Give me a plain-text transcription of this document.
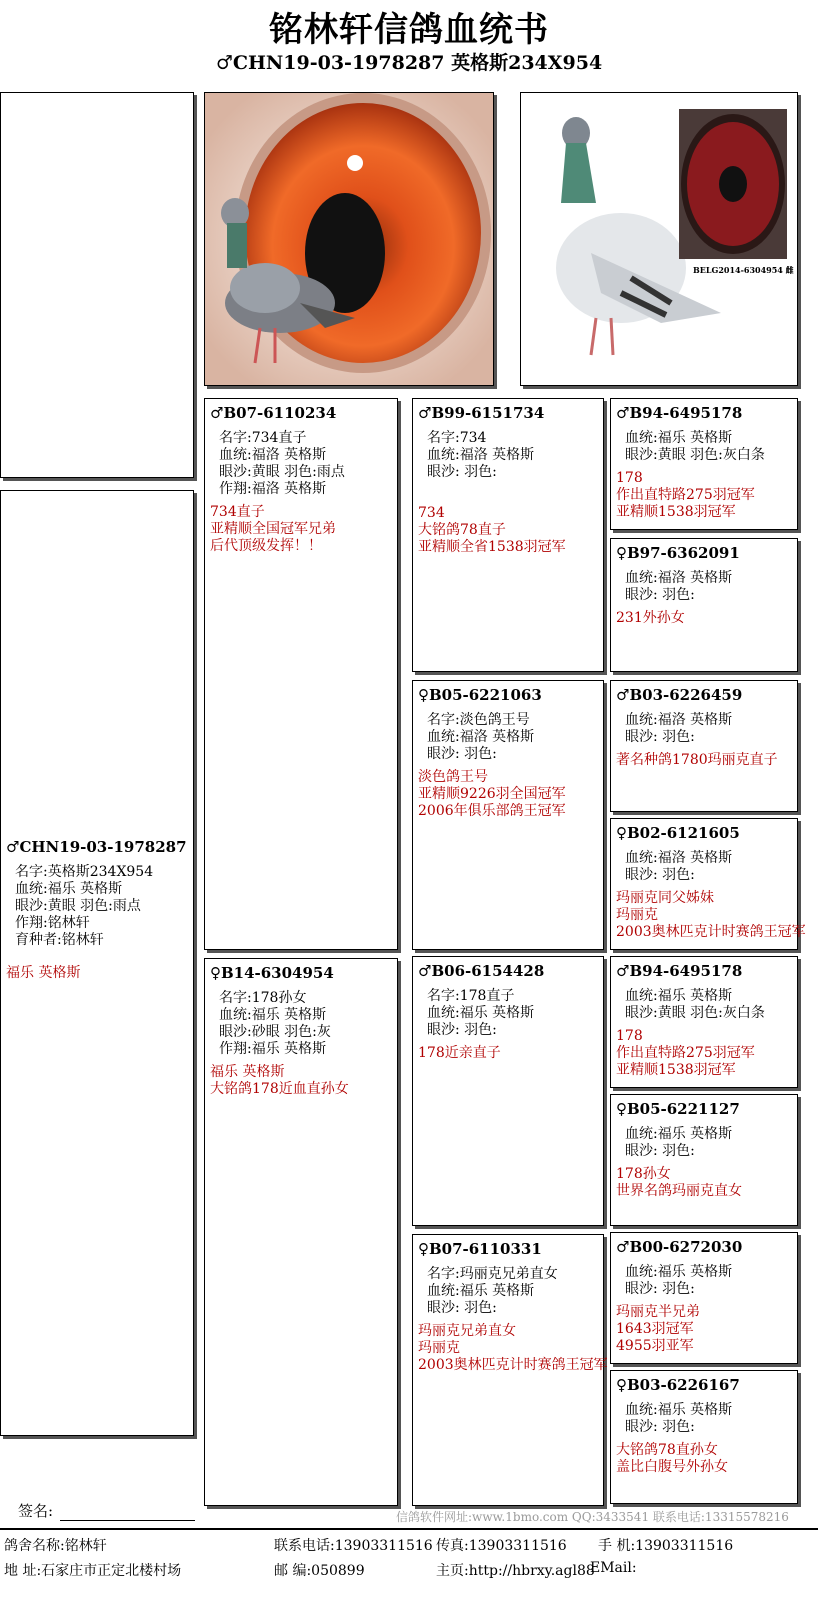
铭林轩信鸽血统书
♂CHN19-03-1978287 英格斯234X954
BELG2014-6304954 雌
♂CHN19-03-1978287
名字:英格斯234X954
血统:福乐 英格斯
眼沙:黄眼 羽色:雨点
作翔:铭林轩
育种者:铭林轩
福乐 英格斯
♂B07-6110234
名字:734直子
血统:福洛 英格斯
眼沙:黄眼 羽色:雨点
作翔:福洛 英格斯
734直子
亚精顺全国冠军兄弟
后代顶级发挥！！
♀B14-6304954
名字:178孙女
血统:福乐 英格斯
眼沙:砂眼 羽色:灰
作翔:福乐 英格斯
福乐 英格斯
大铭鸽178近血直孙女
♂B99-6151734
名字:734
血统:福洛 英格斯
眼沙: 羽色:
734
大铭鸽78直子
亚精顺全省1538羽冠军
♀B05-6221063
名字:淡色鸽王号
血统:福洛 英格斯
眼沙: 羽色:
淡色鸽王号
亚精顺9226羽全国冠军
2006年俱乐部鸽王冠军
♂B06-6154428
名字:178直子
血统:福乐 英格斯
眼沙: 羽色:
178近亲直子
♀B07-6110331
名字:玛丽克兄弟直女
血统:福乐 英格斯
眼沙: 羽色:
玛丽克兄弟直女
玛丽克
2003奥林匹克计时赛鸽王冠军
♂B94-6495178
血统:福乐 英格斯
眼沙:黄眼 羽色:灰白条
178
作出直特路275羽冠军
亚精顺1538羽冠军
♀B97-6362091
血统:福洛 英格斯
眼沙: 羽色:
231外孙女
♂B03-6226459
血统:福洛 英格斯
眼沙: 羽色:
著名种鸽1780玛丽克直子
♀B02-6121605
血统:福洛 英格斯
眼沙: 羽色:
玛丽克同父姊妹
玛丽克
2003奥林匹克计时赛鸽王冠军
♂B94-6495178
血统:福乐 英格斯
眼沙:黄眼 羽色:灰白条
178
作出直特路275羽冠军
亚精顺1538羽冠军
♀B05-6221127
血统:福乐 英格斯
眼沙: 羽色:
178孙女
世界名鸽玛丽克直女
♂B00-6272030
血统:福乐 英格斯
眼沙: 羽色:
玛丽克半兄弟
1643羽冠军
4955羽亚军
♀B03-6226167
血统:福乐 英格斯
眼沙: 羽色:
大铭鸽78直孙女
盖比白腹号外孙女
签名:	信鸽软件网址:www.1bmo.com QQ:3433541 联系电话:13315578216
鸽舍名称:铭林轩	联系电话:13903311516 传真:13903311516 手 机:13903311516
地 址:石家庄市正定北楼村场	邮 编:050899	主页:http://hbrxy.agl88
EMail:
